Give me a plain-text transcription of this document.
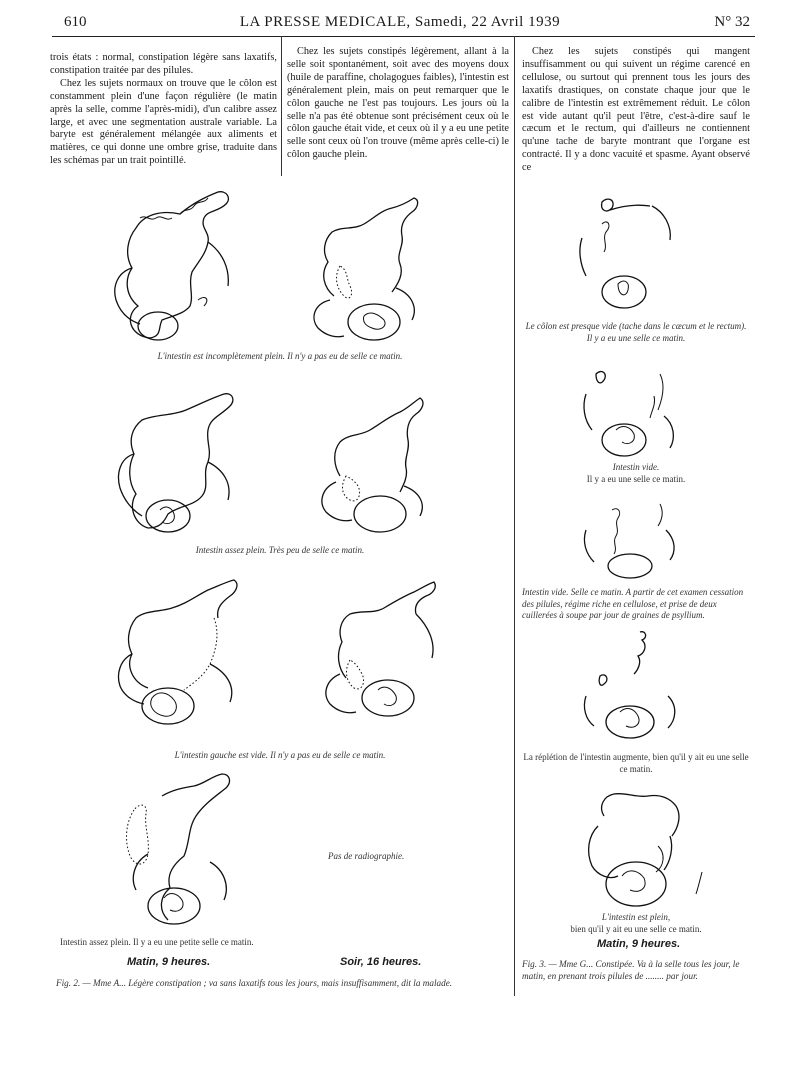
610	LA PRESSE MEDICALE, Samedi, 22 Avril 1939	N° 32

trois états : normal, constipation légère sans laxatifs, constipation traitée par des pilules.

Chez les sujets normaux on trouve que le côlon est constamment plein d'une façon régulière (le matin après la selle, comme l'après-midi), d'un calibre assez large, et avec une segmentation australe variable. La baryte est généralement mélangée aux aliments et matières, ce qui donne une ombre grise, traduite dans les schémas par un trait pointillé.

Chez les sujets constipés légèrement, allant à la selle soit spontanément, soit avec des moyens doux (huile de paraffine, cholagogues faibles), l'intestin est généralement plein, mais on peut remarquer que le côlon gauche ne l'est pas toujours. Les jours où la selle n'a pas été obtenue sont précisément ceux où le côlon gauche était vide, et ceux où il y a eu une petite selle sont ceux où l'on trouve (même après celle-ci) le côlon gauche plein.

Chez les sujets constipés qui mangent insuffisamment ou qui suivent un régime carencé en cellulose, ou surtout qui prennent tous les jours des laxatifs drastiques, on constate chaque jour que le calibre de l'intestin est extrêmement réduit. Le côlon est vide autant qu'il peut l'être, c'est-à-dire sauf le cæcum et le rectum, qui d'ailleurs ne contiennent qu'une tache de baryte montrant que l'organe est contracté. Il y a donc vacuité et spasme. Ayant observé ce

L'intestin est incomplètement plein. Il n'y a pas eu de selle ce matin.
Intestin assez plein. Très peu de selle ce matin.
L'intestin gauche est vide. Il n'y a pas eu de selle ce matin.
Pas de radiographie.
Intestin assez plein. Il y a eu une petite selle ce matin.
Matin, 9 heures.	Soir, 16 heures.
Fig. 2. — Mme A... Légère constipation ; va sans laxatifs tous les jours, mais insuffisamment, dit la malade.
Le côlon est presque vide (tache dans le cæcum et le rectum). Il y a eu une selle ce matin.
Intestin vide.
Il y a eu une selle ce matin.
Intestin vide. Selle ce matin. A partir de cet examen cessation des pilules, régime riche en cellulose, et prise de deux cuillerées à soupe par jour de graines de psyllium.
La réplétion de l'intestin augmente, bien qu'il y ait eu une selle ce matin.
L'intestin est plein,
bien qu'il y ait eu une selle ce matin.
Matin, 9 heures.
Fig. 3. — Mme G... Constipée. Va à la selle tous les jour, le matin, en prenant trois pilules de ........ par jour.
